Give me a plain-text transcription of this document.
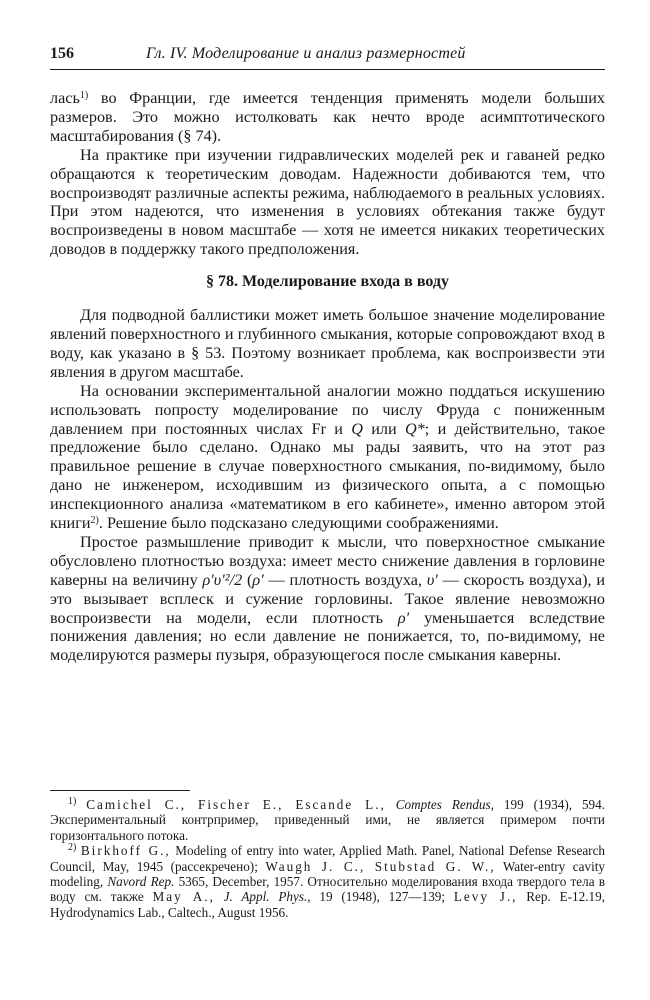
156	Гл. IV. Моделирование и анализ размерностей

лась$^{1)}$ во Франции, где имеется тенденция применять модели больших размеров. Это можно истолковать как нечто вроде асимптотического масштабирования (§ 74).

На практике при изучении гидравлических моделей рек и гаваней редко обращаются к теоретическим доводам. Надежности добиваются тем, что воспроизводят различные аспекты режима, наблюдаемого в реальных условиях. При этом надеются, что изменения в условиях обтекания также будут воспроизведены в новом масштабе — хотя не имеется никаких теоретических доводов в поддержку такого предположения.

§ 78. Моделирование входа в воду

Для подводной баллистики может иметь большое значение моделирование явлений поверхностного и глубинного смыкания, которые сопровождают вход в воду, как указано в § 53. Поэтому возникает проблема, как воспроизвести эти явления в другом масштабе.

На основании экспериментальной аналогии можно поддаться искушению использовать попросту моделирование по числу Фруда с пониженным давлением при постоянных числах Fr и Q или Q*; и действительно, такое предложение было сделано. Однако мы рады заявить, что на этот раз правильное решение в случае поверхностного смыкания, по-видимому, было дано не инженером, исходившим из физического опыта, а с помощью инспекционного анализа «математиком в его кабинете», именно автором этой книги$^{2)}$. Решение было подсказано следующими соображениями.

Простое размышление приводит к мысли, что поверхностное смыкание обусловлено плотностью воздуха: имеет место снижение давления в горловине каверны на величину ρ′υ′²/2 (ρ′ — плотность воздуха, υ′ — скорость воздуха), и это вызывает всплеск и сужение горловины. Такое явление невозможно воспроизвести на модели, если плотность ρ′ уменьшается вследствие понижения давления; но если давление не понижается, то, по-видимому, не моделируются размеры пузыря, образующегося после смыкания каверны.

$^{1)}$ Camichel C., Fischer E., Escande L., Comptes Rendus, 199 (1934), 594. Экспериментальный контрпример, приведенный ими, не является примером почти горизонтального потока.

$^{2)}$ Birkhoff G., Modeling of entry into water, Applied Math. Panel, National Defense Research Council, May, 1945 (рассекречено); Waugh J. C., Stubstad G. W., Water-entry cavity modeling, Navord Rep. 5365, December, 1957. Относительно моделирования входа твердого тела в воду см. также May A., J. Appl. Phys., 19 (1948), 127—139; Levy J., Rep. E-12.19, Hydrodynamics Lab., Caltech., August 1956.
